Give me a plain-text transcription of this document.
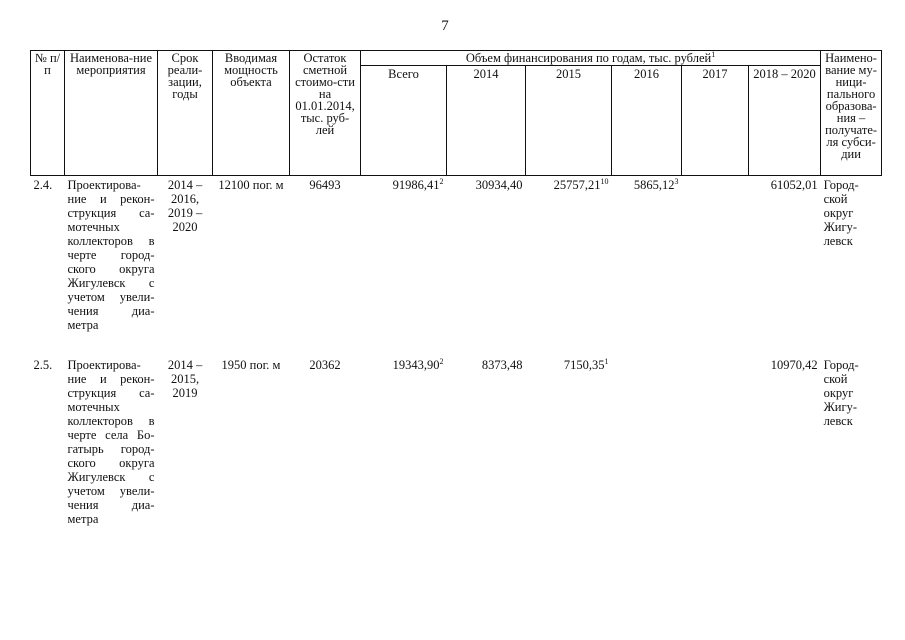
7
№ п/п	Наименова-ние мероприятия	Срок реали-зации, годы	Вводимая мощность объекта	Остаток сметной стоимо-сти на 01.01.2014, тыс. руб-лей	Объем финансирования по годам, тыс. рублей$^1$						Наимено-вание му-ници-пального образова-ния – получате-ля субси-дии
					Всего	2014	2015	2016	2017	2018 – 2020	
2.4.	Проектирова-ние и рекон-струкция са-мотечных коллекторов в черте город-ского округа Жигулевск с учетом увели-чения диа-метра	2014 – 2016, 2019 – 2020	12100 пог. м	96493	91986,41$^2$	30934,40	25757,21$^{10}$	5865,12$^3$		61052,01	Город-ской округ Жигу-левск

2.5.	Проектирова-ние и рекон-струкция са-мотечных коллекторов в черте села Бо-гатырь город-ского округа Жигулевск с учетом увели-чения диа-метра	2014 – 2015, 2019	1950 пог. м	20362	19343,90$^2$	8373,48	7150,35$^1$			10970,42	Город-ской округ Жигу-левск
